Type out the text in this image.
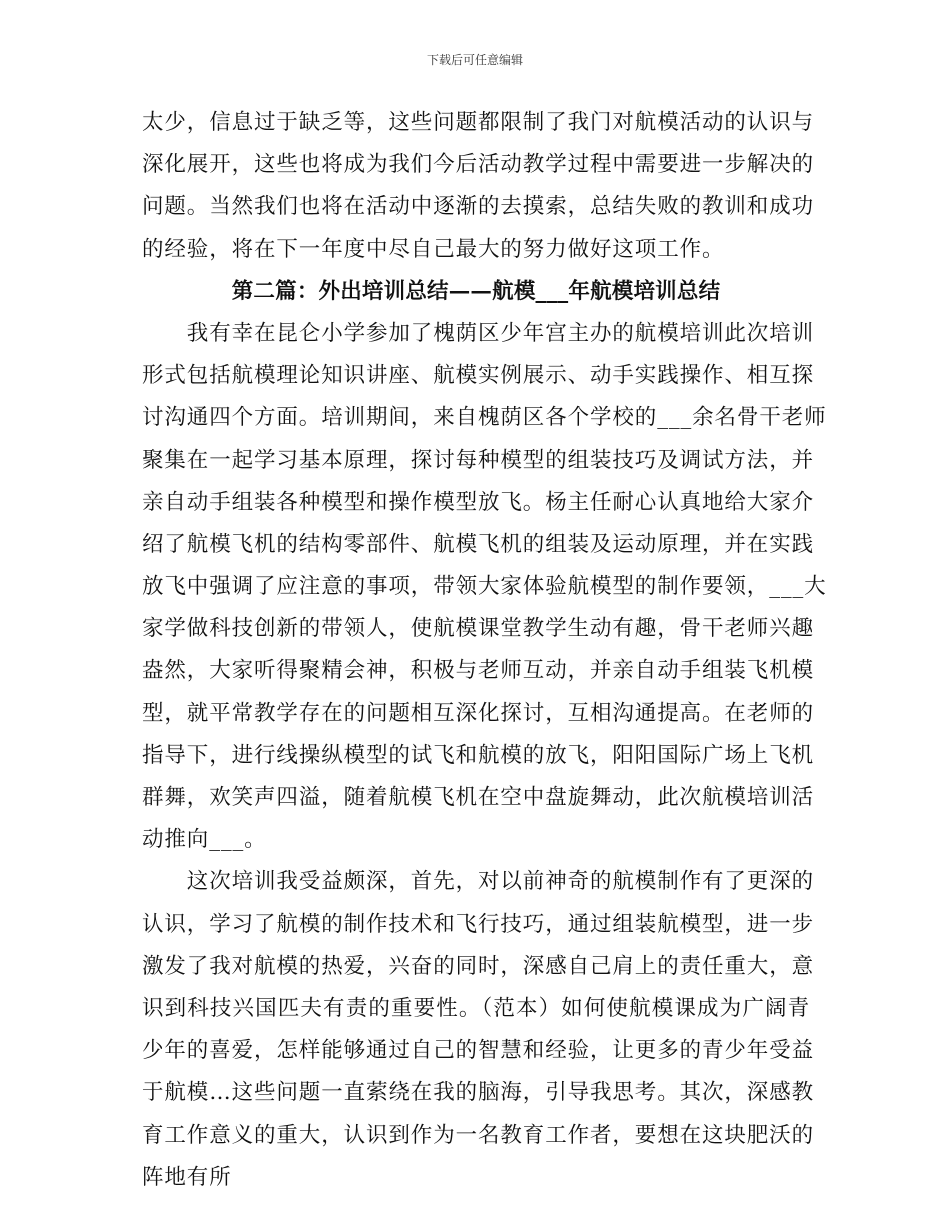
下载后可任意编辑
太少，信息过于缺乏等，这些问题都限制了我门对航模活动的认识与
深化展开，这些也将成为我们今后活动教学过程中需要进一步解决的
问题。当然我们也将在活动中逐渐的去摸索，总结失败的教训和成功
的经验，将在下一年度中尽自己最大的努力做好这项工作。
第二篇：外出培训总结——航模___年航模培训总结
　　我有幸在昆仑小学参加了槐荫区少年宫主办的航模培训此次培训
形式包括航模理论知识讲座、航模实例展示、动手实践操作、相互探
讨沟通四个方面。培训期间，来自槐荫区各个学校的___余名骨干老师
聚集在一起学习基本原理，探讨每种模型的组装技巧及调试方法，并
亲自动手组装各种模型和操作模型放飞。杨主任耐心认真地给大家介
绍了航模飞机的结构零部件、航模飞机的组装及运动原理，并在实践
放飞中强调了应注意的事项，带领大家体验航模型的制作要领，___大
家学做科技创新的带领人，使航模课堂教学生动有趣，骨干老师兴趣
盎然，大家听得聚精会神，积极与老师互动，并亲自动手组装飞机模
型，就平常教学存在的问题相互深化探讨，互相沟通提高。在老师的
指导下，进行线操纵模型的试飞和航模的放飞，阳阳国际广场上飞机
群舞，欢笑声四溢，随着航模飞机在空中盘旋舞动，此次航模培训活
动推向___。
　　这次培训我受益颇深，首先，对以前神奇的航模制作有了更深的
认识，学习了航模的制作技术和飞行技巧，通过组装航模型，进一步
激发了我对航模的热爱，兴奋的同时，深感自己肩上的责任重大，意
识到科技兴国匹夫有责的重要性。（范本）如何使航模课成为广阔青
少年的喜爱，怎样能够通过自己的智慧和经验，让更多的青少年受益
于航模…这些问题一直萦绕在我的脑海，引导我思考。其次，深感教
育工作意义的重大，认识到作为一名教育工作者，要想在这块肥沃的
阵地有所
